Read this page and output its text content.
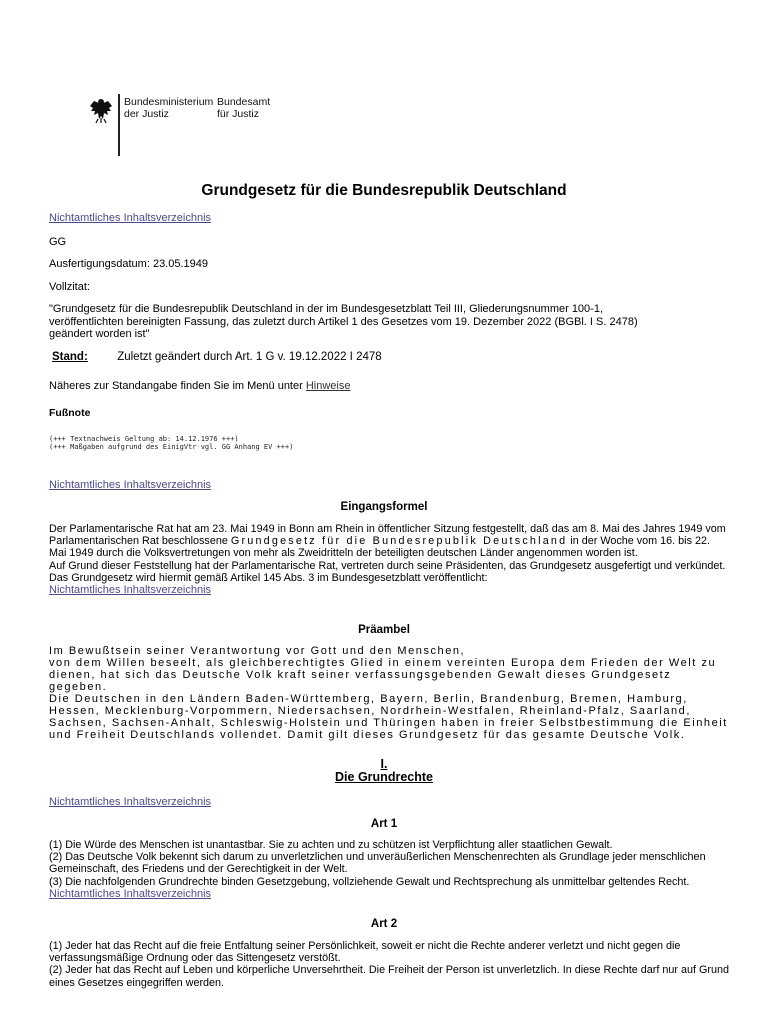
Bundesministerium
der Justiz
Bundesamt
für Justiz
Grundgesetz für die Bundesrepublik Deutschland
Nichtamtliches Inhaltsverzeichnis
GG
Ausfertigungsdatum: 23.05.1949
Vollzitat:
"Grundgesetz für die Bundesrepublik Deutschland in der im Bundesgesetzblatt Teil III, Gliederungsnummer 100-1, veröffentlichten bereinigten Fassung, das zuletzt durch Artikel 1 des Gesetzes vom 19. Dezember 2022 (BGBl. I S. 2478) geändert worden ist"
Stand:	Zuletzt geändert durch Art. 1 G v. 19.12.2022 I 2478
Näheres zur Standangabe finden Sie im Menü unter Hinweise
Fußnote
(+++ Textnachweis Geltung ab: 14.12.1976 +++)
(+++ Maßgaben aufgrund des EinigVtr vgl. GG Anhang EV +++)
Nichtamtliches Inhaltsverzeichnis
Eingangsformel

Der Parlamentarische Rat hat am 23. Mai 1949 in Bonn am Rhein in öffentlicher Sitzung festgestellt, daß das am 8. Mai des Jahres 1949 vom Parlamentarischen Rat beschlossene Grundgesetz für die Bundesrepublik Deutschland in der Woche vom 16. bis 22. Mai 1949 durch die Volksvertretungen von mehr als Zweidritteln der beteiligten deutschen Länder angenommen worden ist.

Auf Grund dieser Feststellung hat der Parlamentarische Rat, vertreten durch seine Präsidenten, das Grundgesetz ausgefertigt und verkündet.

Das Grundgesetz wird hiermit gemäß Artikel 145 Abs. 3 im Bundesgesetzblatt veröffentlicht:

Nichtamtliches Inhaltsverzeichnis

Präambel

Im Bewußtsein seiner Verantwortung vor Gott und den Menschen,

von dem Willen beseelt, als gleichberechtigtes Glied in einem vereinten Europa dem Frieden der Welt zu dienen, hat sich das Deutsche Volk kraft seiner verfassungsgebenden Gewalt dieses Grundgesetz gegeben.

Die Deutschen in den Ländern Baden-Württemberg, Bayern, Berlin, Brandenburg, Bremen, Hamburg, Hessen, Mecklenburg-Vorpommern, Niedersachsen, Nordrhein-Westfalen, Rheinland-Pfalz, Saarland, Sachsen, Sachsen-Anhalt, Schleswig-Holstein und Thüringen haben in freier Selbstbestimmung die Einheit und Freiheit Deutschlands vollendet. Damit gilt dieses Grundgesetz für das gesamte Deutsche Volk.

I.
Die Grundrechte
Nichtamtliches Inhaltsverzeichnis
Art 1

(1) Die Würde des Menschen ist unantastbar. Sie zu achten und zu schützen ist Verpflichtung aller staatlichen Gewalt.

(2) Das Deutsche Volk bekennt sich darum zu unverletzlichen und unveräußerlichen Menschenrechten als Grundlage jeder menschlichen Gemeinschaft, des Friedens und der Gerechtigkeit in der Welt.

(3) Die nachfolgenden Grundrechte binden Gesetzgebung, vollziehende Gewalt und Rechtsprechung als unmittelbar geltendes Recht.

Nichtamtliches Inhaltsverzeichnis

Art 2

(1) Jeder hat das Recht auf die freie Entfaltung seiner Persönlichkeit, soweit er nicht die Rechte anderer verletzt und nicht gegen die verfassungsmäßige Ordnung oder das Sittengesetz verstößt.

(2) Jeder hat das Recht auf Leben und körperliche Unversehrtheit. Die Freiheit der Person ist unverletzlich. In diese Rechte darf nur auf Grund eines Gesetzes eingegriffen werden.
